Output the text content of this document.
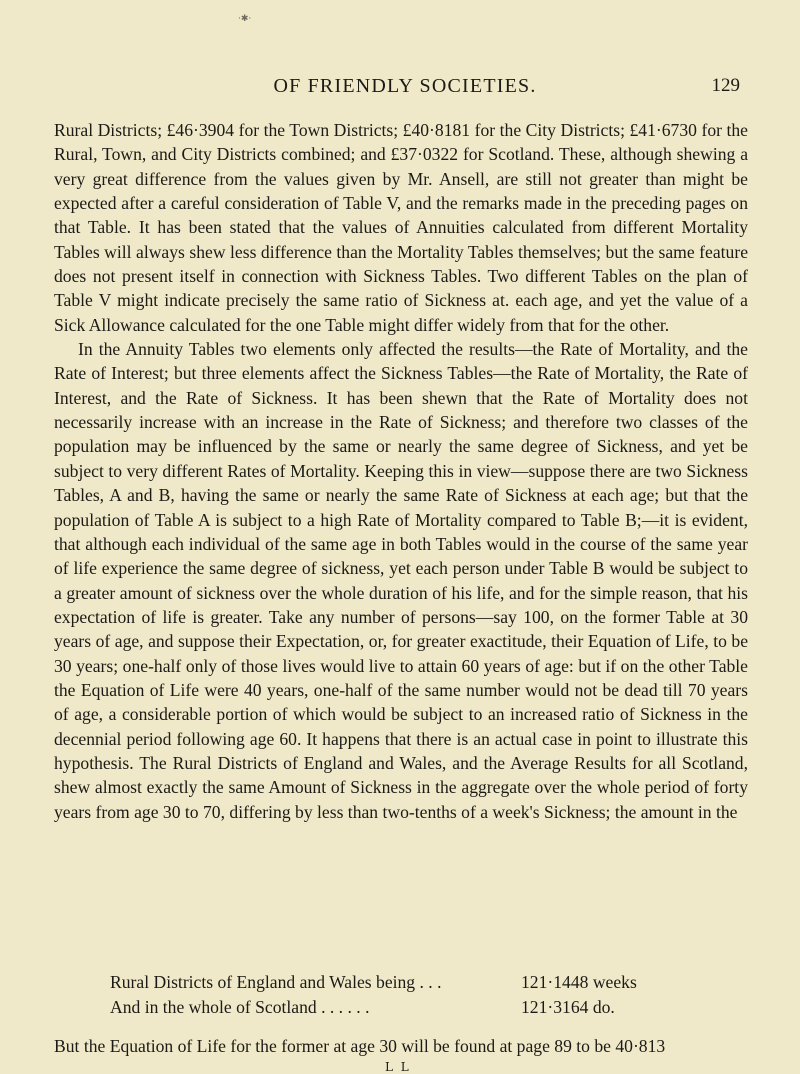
·✱·
OF FRIENDLY SOCIETIES.	129

Rural Districts; £46·3904 for the Town Districts; £40·8181 for the City Districts; £41·6730 for the Rural, Town, and City Districts combined; and £37·0322 for Scotland. These, although shewing a very great difference from the values given by Mr. Ansell, are still not greater than might be expected after a careful consideration of Table V, and the remarks made in the preceding pages on that Table. It has been stated that the values of Annuities calculated from different Mortality Tables will always shew less difference than the Mortality Tables themselves; but the same feature does not present itself in connection with Sickness Tables. Two different Tables on the plan of Table V might indicate precisely the same ratio of Sickness at. each age, and yet the value of a Sick Allowance calculated for the one Table might differ widely from that for the other.

In the Annuity Tables two elements only affected the results—the Rate of Mortality, and the Rate of Interest; but three elements affect the Sickness Tables—the Rate of Mortality, the Rate of Interest, and the Rate of Sickness. It has been shewn that the Rate of Mortality does not necessarily increase with an increase in the Rate of Sickness; and therefore two classes of the population may be influenced by the same or nearly the same degree of Sickness, and yet be subject to very different Rates of Mortality. Keeping this in view—suppose there are two Sickness Tables, A and B, having the same or nearly the same Rate of Sickness at each age; but that the population of Table A is subject to a high Rate of Mortality compared to Table B;—it is evident, that although each individual of the same age in both Tables would in the course of the same year of life experience the same degree of sickness, yet each person under Table B would be subject to a greater amount of sickness over the whole duration of his life, and for the simple reason, that his expectation of life is greater. Take any number of persons—say 100, on the former Table at 30 years of age, and suppose their Expectation, or, for greater exactitude, their Equation of Life, to be 30 years; one-half only of those lives would live to attain 60 years of age: but if on the other Table the Equation of Life were 40 years, one-half of the same number would not be dead till 70 years of age, a considerable portion of which would be subject to an increased ratio of Sickness in the decennial period following age 60. It happens that there is an actual case in point to illustrate this hypothesis. The Rural Districts of England and Wales, and the Average Results for all Scotland, shew almost exactly the same Amount of Sickness in the aggregate over the whole period of forty years from age 30 to 70, differing by less than two-tenths of a week's Sickness; the amount in the

Rural Districts of England and Wales being . . .	121·1448 weeks
And in the whole of Scotland . . . . . .	121·3164 do.
But the Equation of Life for the former at age 30 will be found at page 89 to be 40·813
L L
